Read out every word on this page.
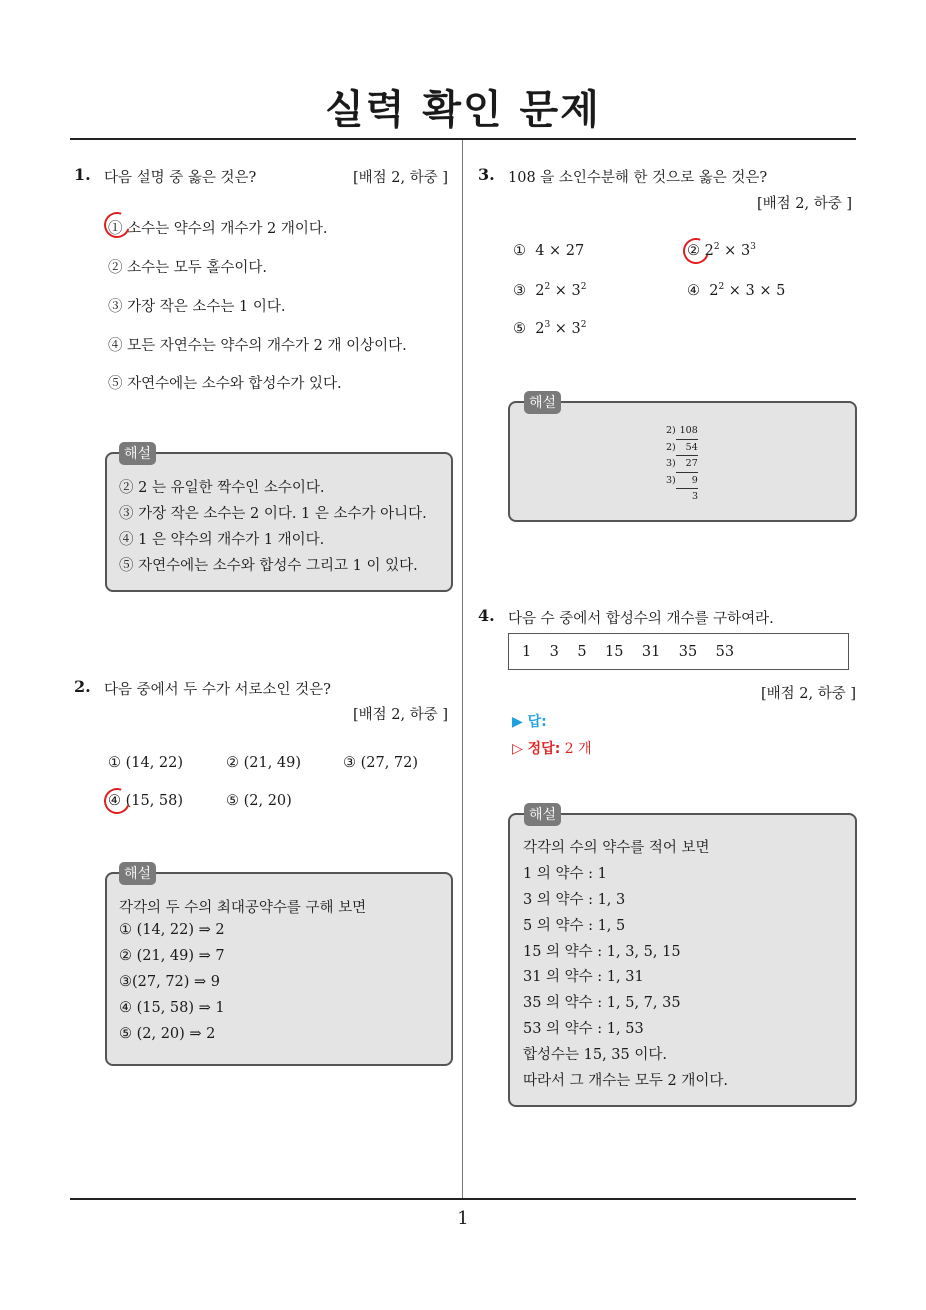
실력 확인 문제
1. 다음 설명 중 옳은 것은?	[배점 2, 하중 ]
① 소수는 약수의 개수가 2 개이다.
② 소수는 모두 홀수이다.
③ 가장 작은 소수는 1 이다.
④ 모든 자연수는 약수의 개수가 2 개 이상이다.
⑤ 자연수에는 소수와 합성수가 있다.
② 2 는 유일한 짝수인 소수이다.
③ 가장 작은 소수는 2 이다. 1 은 소수가 아니다.
④ 1 은 약수의 개수가 1 개이다.
⑤ 자연수에는 소수와 합성수 그리고 1 이 있다.
해설
2. 다음 중에서 두 수가 서로소인 것은?
[배점 2, 하중 ]
① (14, 22)	② (21, 49)	③ (27, 72)
④ (15, 58)	⑤ (2, 20)
각각의 두 수의 최대공약수를 구해 보면
① (14, 22) ⇒ 2
② (21, 49) ⇒ 7
③(27, 72) ⇒ 9
④ (15, 58) ⇒ 1
⑤ (2, 20) ⇒ 2
해설
3. 108 을 소인수분해 한 것으로 옳은 것은?
[배점 2, 하중 ]
① 4 × 27	② $2^2 \times 3^3$
③ $2^2 \times 3^2$	④ $2^2 \times 3 \times 5$
⑤ $2^3 \times 3^2$
2) 108
2) 54
3) 27
3) 9
3
해설
4. 다음 수 중에서 합성수의 개수를 구하여라.
1    3    5    15    31    35    53
[배점 2, 하중 ]
▶ 답:
▷ 정답: 2 개
각각의 수의 약수를 적어 보면
1 의 약수 : 1
3 의 약수 : 1, 3
5 의 약수 : 1, 5
15 의 약수 : 1, 3, 5, 15
31 의 약수 : 1, 31
35 의 약수 : 1, 5, 7, 35
53 의 약수 : 1, 53
합성수는 15, 35 이다.
따라서 그 개수는 모두 2 개이다.
해설
1
